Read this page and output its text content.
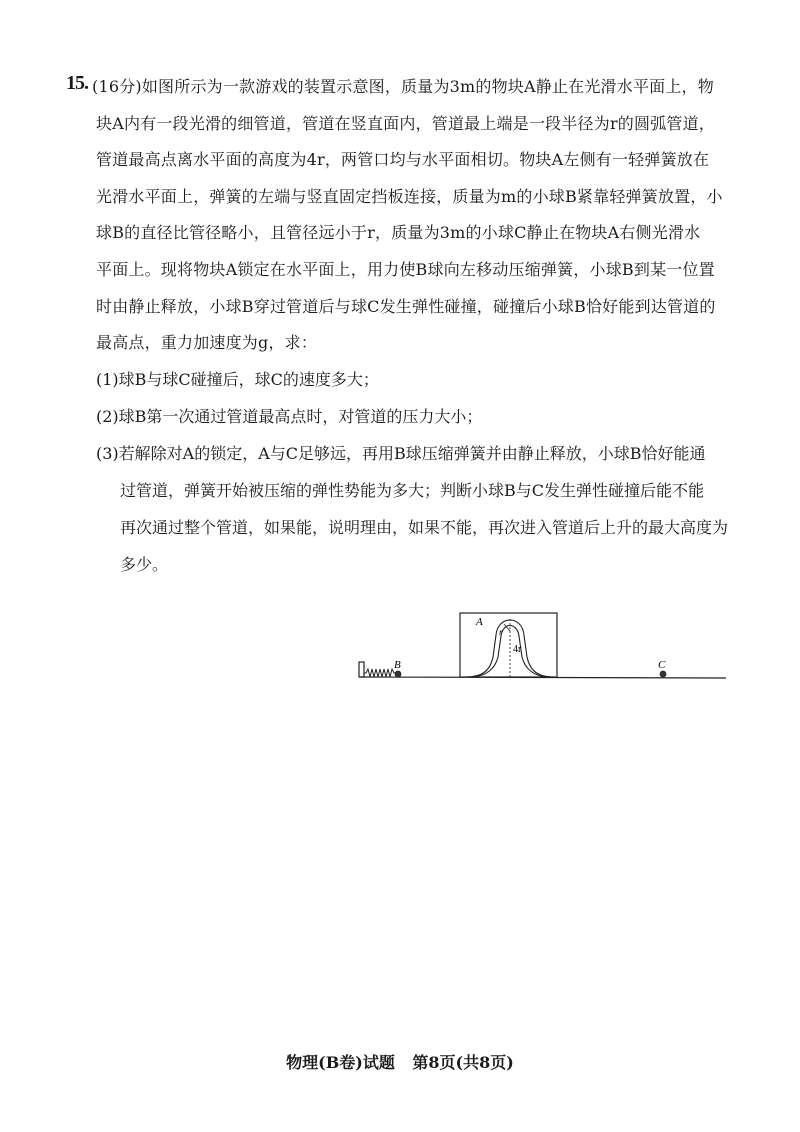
15. (16分)如图所示为一款游戏的装置示意图，质量为3m的物块A静止在光滑水平面上，物
块A内有一段光滑的细管道，管道在竖直面内，管道最上端是一段半径为r的圆弧管道，
管道最高点离水平面的高度为4r，两管口均与水平面相切。物块A左侧有一轻弹簧放在
光滑水平面上，弹簧的左端与竖直固定挡板连接，质量为m的小球B紧靠轻弹簧放置，小
球B的直径比管径略小，且管径远小于r，质量为3m的小球C静止在物块A右侧光滑水
平面上。现将物块A锁定在水平面上，用力使B球向左移动压缩弹簧，小球B到某一位置
时由静止释放，小球B穿过管道后与球C发生弹性碰撞，碰撞后小球B恰好能到达管道的
最高点，重力加速度为g，求：
(1)球B与球C碰撞后，球C的速度多大；
(2)球B第一次通过管道最高点时，对管道的压力大小；
(3)若解除对A的锁定，A与C足够远，再用B球压缩弹簧并由静止释放，小球B恰好能通
过管道，弹簧开始被压缩的弹性势能为多大；判断小球B与C发生弹性碰撞后能不能
再次通过整个管道，如果能，说明理由，如果不能，再次进入管道后上升的最大高度为
多少。
B
A
r
4r
C
物理(B卷)试题 第8页(共8页)
